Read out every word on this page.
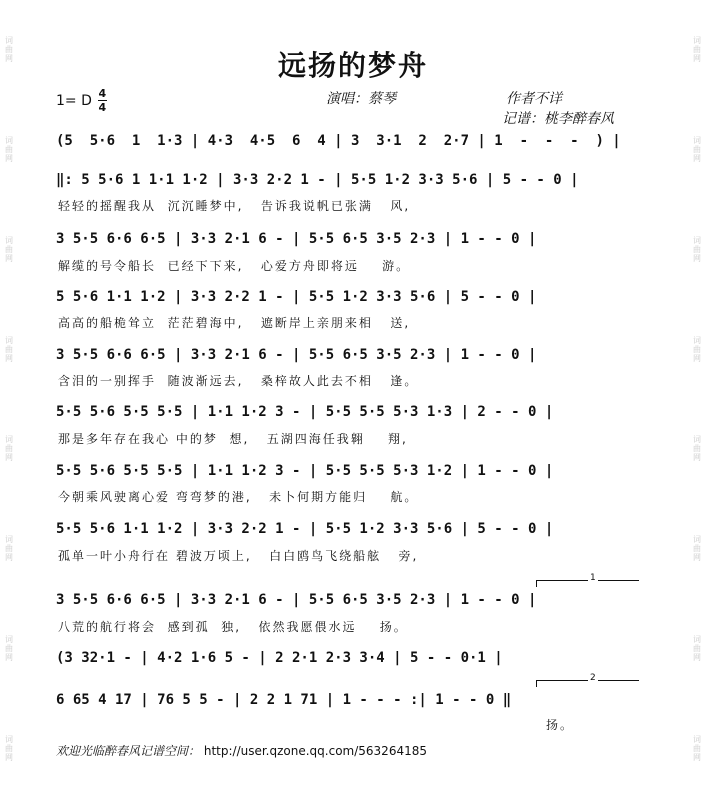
词曲网
词曲网
词曲网
词曲网
词曲网
词曲网
词曲网
词曲网
词曲网
词曲网
词曲网
词曲网
词曲网
词曲网
词曲网
词曲网
远扬的梦舟
1= D 4
4
演唱：蔡琴	作者不详
记谱：桃李醉春风

(5  5·6  1  1·3 | 4·3  4·5  6  4 | 3  3·1  2  2·7 | 1  -  -  -  ) |

‖: 5 5·6 1 1·1 1·2 | 3·3 2·2 1 - | 5·5 1·2 3·3 5·6 | 5 - - 0 |

轻轻的摇醒我从  沉沉睡梦中,   告诉我说帆已张满   风,

3 5·5 6·6 6·5 | 3·3 2·1 6 - | 5·5 6·5 3·5 2·3 | 1 - - 0 |

解缆的号令船长  已经下下来,   心爱方舟即将远    游。

5 5·6 1·1 1·2 | 3·3 2·2 1 - | 5·5 1·2 3·3 5·6 | 5 - - 0 |

高高的船桅耸立  茫茫碧海中,   遮断岸上亲朋来相   送,

3 5·5 6·6 6·5 | 3·3 2·1 6 - | 5·5 6·5 3·5 2·3 | 1 - - 0 |

含泪的一别挥手  随波渐远去,   桑梓故人此去不相   逢。

5·5 5·6 5·5 5·5 | 1·1 1·2 3 - | 5·5 5·5 5·3 1·3 | 2 - - 0 |

那是多年存在我心 中的梦  想,   五湖四海任我翱    翔,

5·5 5·6 5·5 5·5 | 1·1 1·2 3 - | 5·5 5·5 5·3 1·2 | 1 - - 0 |

今朝乘风驶离心爱 弯弯梦的港,   未卜何期方能归    航。

5·5 5·6 1·1 1·2 | 3·3 2·2 1 - | 5·5 1·2 3·3 5·6 | 5 - - 0 |

孤单一叶小舟行在 碧波万顷上,   白白鸥鸟飞绕船舷   旁,
1

3 5·5 6·6 6·5 | 3·3 2·1 6 - | 5·5 6·5 3·5 2·3 | 1 - - 0 |

八荒的航行将会  感到孤  独,   依然我愿偎水远    扬。

(3 32·1 - | 4·2 1·6 5 - | 2 2·1 2·3 3·4 | 5 - - 0·1 |

2

6 65 4 17 | 76 5 5 - | 2 2 1 71 | 1 - - - :| 1 - - 0 ‖

扬。
欢迎光临醉春风记谱空间： http://user.qzone.qq.com/563264185
